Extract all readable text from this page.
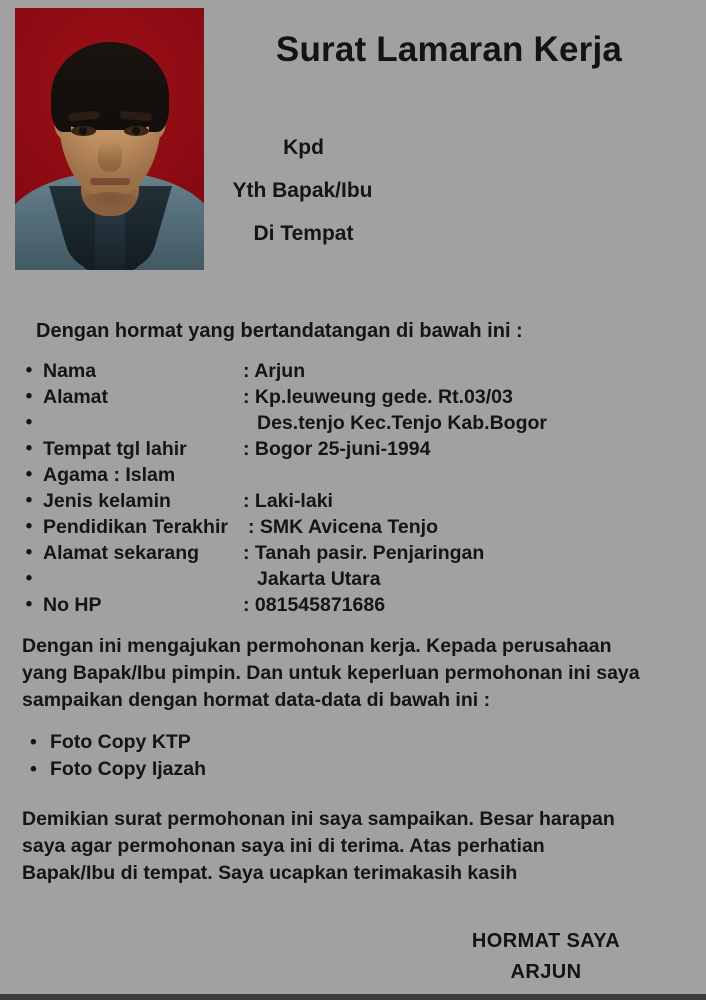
Surat Lamaran Kerja
Kpd
Yth Bapak/Ibu
Di Tempat
Dengan hormat yang bertandatangan di bawah ini :
• Nama	: Arjun
• Alamat	: Kp.leuweung gede. Rt.03/03
•	Des.tenjo Kec.Tenjo Kab.Bogor
• Tempat tgl lahir	: Bogor 25-juni-1994
• Agama : Islam
• Jenis kelamin	: Laki-laki
• Pendidikan Terakhir : SMK Avicena Tenjo
• Alamat sekarang : Tanah pasir. Penjaringan
•	Jakarta Utara
• No HP	: 081545871686
Dengan ini mengajukan permohonan kerja. Kepada perusahaan yang Bapak/Ibu pimpin. Dan untuk keperluan permohonan ini saya sampaikan dengan hormat data-data di bawah ini :
• Foto Copy KTP
• Foto Copy Ijazah
Demikian surat permohonan ini saya sampaikan. Besar harapan saya agar permohonan saya ini di terima. Atas perhatian Bapak/Ibu di tempat. Saya ucapkan terimakasih kasih
HORMAT SAYA
ARJUN
